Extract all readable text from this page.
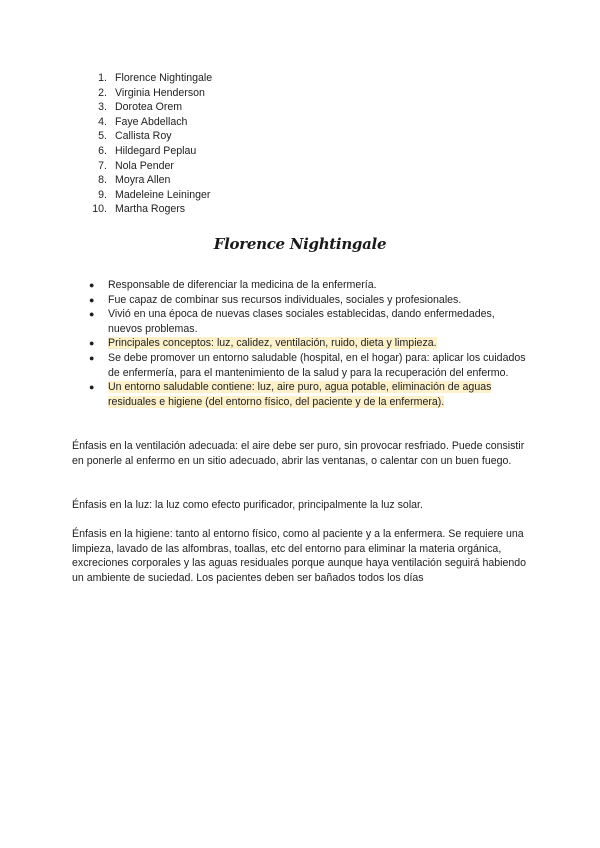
1. Florence Nightingale
2. Virginia Henderson
3. Dorotea Orem
4. Faye Abdellach
5. Callista Roy
6. Hildegard Peplau
7. Nola Pender
8. Moyra Allen
9. Madeleine Leininger
10. Martha Rogers
Florence Nightingale
●	Responsable de diferenciar la medicina de la enfermería.
●	Fue capaz de combinar sus recursos individuales, sociales y profesionales.
●	Vivió en una época de nuevas clases sociales establecidas, dando enfermedades, nuevos problemas.
●	Principales conceptos: luz, calidez, ventilación, ruido, dieta y limpieza.
●	Se debe promover un entorno saludable (hospital, en el hogar) para: aplicar los cuidados de enfermería, para el mantenimiento de la salud y para la recuperación del enfermo.
●	Un entorno saludable contiene: luz, aire puro, agua potable, eliminación de aguas residuales e higiene (del entorno físico, del paciente y de la enfermera).

Énfasis en la ventilación adecuada: el aire debe ser puro, sin provocar resfriado. Puede consistir en ponerle al enfermo en un sitio adecuado, abrir las ventanas, o calentar con un buen fuego.

Énfasis en la luz: la luz como efecto purificador, principalmente la luz solar.

Énfasis en la higiene: tanto al entorno físico, como al paciente y a la enfermera. Se requiere una limpieza, lavado de las alfombras, toallas, etc del entorno para eliminar la materia orgánica, excreciones corporales y las aguas residuales porque aunque haya ventilación seguirá habiendo un ambiente de suciedad. Los pacientes deben ser bañados todos los días
